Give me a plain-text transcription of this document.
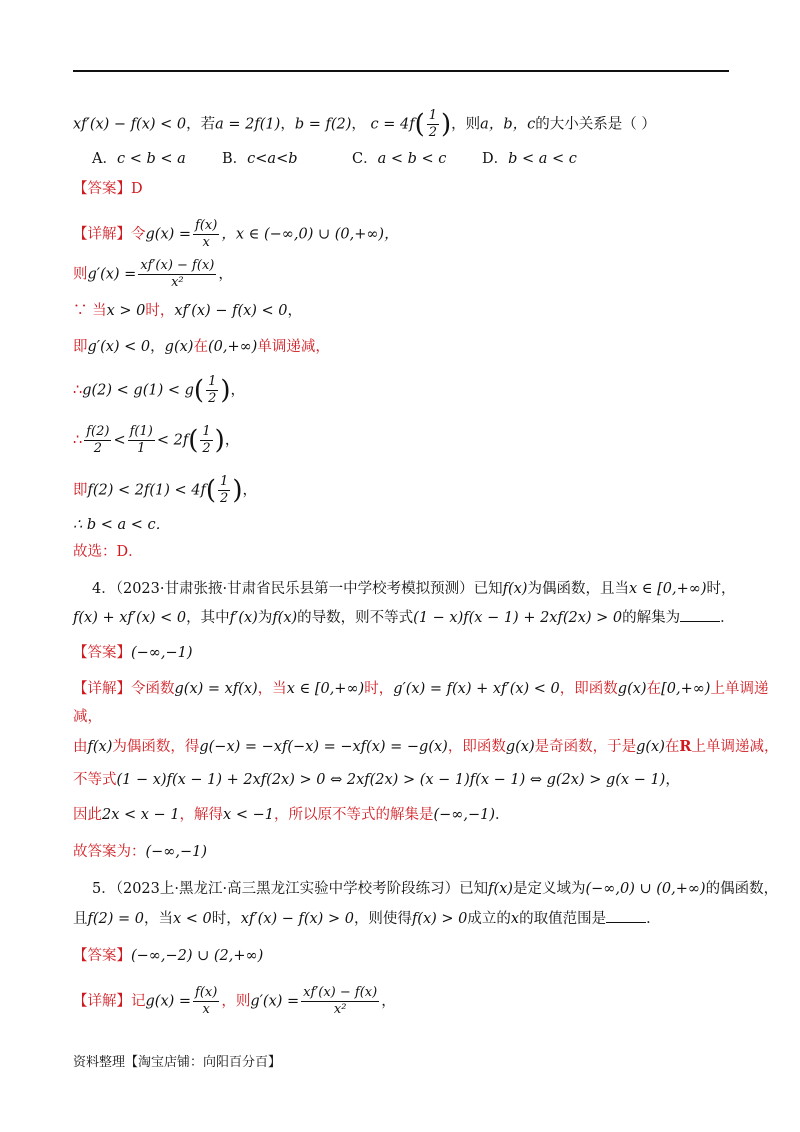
xf′(x) − f(x) < 0，若a = 2f(1)，b = f(2)， $c = 4f( \frac{1}{2}$ )，则a，b，c的大小关系是（ ）
A．c < b < a B．c<a<b	C．a < b < c D．b < a < c
【答案】D
【详解】令$g(x) = \frac{f(x)}{x}$ ，x ∈ (−∞,0) ∪ (0,+∞)，
则$g'(x) = \frac{xf'(x) - f(x)}{\text{x²}}$ ，
∵ 当x > 0时，xf′(x) − f(x) < 0，
即g′(x) < 0，g(x)在(0,+∞)单调递减，
∴g(2) < $g(1) < g( \frac{1}{2}$ )，
∴ $\frac{f(2)}{2} < \frac{f(1)}{1} < 2f( \frac{1}{2}$ )，
即$f(2) < 2f(1) < 4f( \frac{1}{2}$ )，
∴ b < a < c．
故选：D．
4．（2023·甘肃张掖·甘肃省民乐县第一中学校考模拟预测）已知f(x)为偶函数，且当x ∈ [0,+∞)时，
f(x) + xf′(x) < 0，其中f′(x)为f(x)的导数，则不等式(1 − x)f(x − 1) + 2xf(2x) > 0的解集为	．
【答案】(−∞,−1)
【详解】令函数g(x) = xf(x)，当x ∈ [0,+∞)时，g′(x) = f(x) + xf′(x) < 0，即函数g(x)在[0,+∞)上单调递
减，
由f(x)为偶函数，得g(−x) = −xf(−x) = −xf(x) = −g(x)，即函数g(x)是奇函数，于是g(x)在R上单调递减，
不等式(1 − x)f(x − 1) + 2xf(2x) > 0 ⇔ 2xf(2x) > (x − 1)f(x − 1) ⇔ g(2x) > g(x − 1)，
因此2x < x − 1，解得x < −1，所以原不等式的解集是(−∞,−1)．
故答案为：(−∞,−1)
5．（2023上·黑龙江·高三黑龙江实验中学校考阶段练习）已知f(x)是定义域为(−∞,0) ∪ (0,+∞)的偶函数，
且f(2) = 0，当x < 0时，xf′(x) − f(x) > 0，则使得f(x) > 0成立的x的取值范围是	．
【答案】(−∞,−2) ∪ (2,+∞)
【详解】记$g(x) = \frac{f(x)}{x}$ ，则$g'(x) = \frac{xf'(x) - f(x)}{\text{x²}}$ ，
资料整理【淘宝店铺：向阳百分百】
